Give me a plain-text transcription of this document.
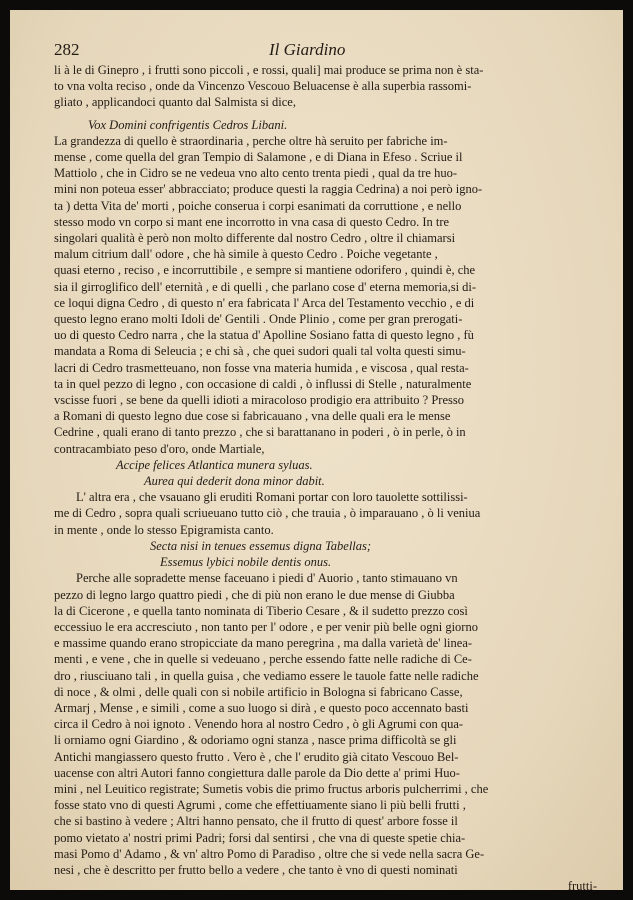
282	Il Giardino
li à le di Ginepro , i frutti sono piccoli , e rossi, quali] mai produce se prima non è sta-
to vna volta reciso , onde da Vincenzo Vescouo Beluacense è alla superbia rassomi-
gliato , applicandoci quanto dal Salmista si dice,
Vox Domini confrigentis Cedros Libani.
La grandezza di quello è straordinaria , perche oltre hà seruito per fabriche im-
mense , come quella del gran Tempio di Salamone , e di Diana in Efeso . Scriue il
Mattiolo , che in Cidro se ne vedeua vno alto cento trenta piedi , qual da tre huo-
mini non poteua esser' abbracciato; produce questi la raggia Cedrina) a noi però igno-
ta ) detta Vita de' morti , poiche conserua i corpi esanimati da corruttione , e nello
stesso modo vn corpo si mant ene incorrotto in vna casa di questo Cedro. In tre
singolari qualità è però non molto differente dal nostro Cedro , oltre il chiamarsi
malum citrium dall' odore , che hà simile à questo Cedro . Poiche vegetante ,
quasi eterno , reciso , e incorruttibile , e sempre si mantiene odorifero , quindi è, che
sia il girroglifico dell' eternità , e di quelli , che parlano cose d' eterna memoria,si di-
ce loqui digna Cedro , di questo n' era fabricata l' Arca del Testamento vecchio , e di
questo legno erano molti Idoli de' Gentili . Onde Plinio , come per gran prerogati-
uo di questo Cedro narra , che la statua d' Apolline Sosiano fatta di questo legno , fù
mandata a Roma di Seleucia ; e chi sà , che quei sudori quali tal volta questi simu-
lacri di Cedro trasmetteuano, non fosse vna materia humida , e viscosa , qual resta-
ta in quel pezzo di legno , con occasione di caldi , ò influssi di Stelle , naturalmente
vscisse fuori , se bene da quelli idioti a miracoloso prodigio era attribuito ? Presso
a Romani di questo legno due cose si fabricauano , vna delle quali era le mense
Cedrine , quali erano di tanto prezzo , che si barattanano in poderi , ò in perle, ò in
contracambiato peso d'oro, onde Martiale,
Accipe felices Atlantica munera syluas.
Aurea qui dederit dona minor dabit.
L' altra era , che vsauano gli eruditi Romani portar con loro tauolette sottilissi-
me di Cedro , sopra quali scriueuano tutto ciò , che trauia , ò imparauano , ò li veniua
in mente , onde lo stesso Epigramista canto.
Secta nisi in tenues essemus digna Tabellas;
Essemus lybici nobile dentis onus.
Perche alle sopradette mense faceuano i piedi d' Auorio , tanto stimauano vn
pezzo di legno largo quattro piedi , che di più non erano le due mense di Giubba
la di Cicerone , e quella tanto nominata di Tiberio Cesare , & il sudetto prezzo così
eccessiuo le era accresciuto , non tanto per l' odore , e per venir più belle ogni giorno
e massime quando erano stropicciate da mano peregrina , ma dalla varietà de' linea-
menti , e vene , che in quelle si vedeuano , perche essendo fatte nelle radiche di Ce-
dro , riusciuano tali , in quella guisa , che vediamo essere le tauole fatte nelle radiche
di noce , & olmi , delle quali con si nobile artificio in Bologna si fabricano Casse,
Armarj , Mense , e simili , come a suo luogo si dirà , e questo poco accennato basti
circa il Cedro à noi ignoto . Venendo hora al nostro Cedro , ò gli Agrumi con qua-
li orniamo ogni Giardino , & odoriamo ogni stanza , nasce prima difficoltà se gli
Antichi mangiassero questo frutto . Vero è , che l' erudito già citato Vescouo Bel-
uacense con altri Autori fanno congiettura dalle parole da Dio dette a' primi Huo-
mini , nel Leuitico registrate; Sumetis vobis die primo fructus arboris pulcherrimi , che
fosse stato vno di questi Agrumi , come che effettiuamente siano li più belli frutti ,
che si bastino à vedere ; Altri hanno pensato, che il frutto di quest' arbore fosse il
pomo vietato a' nostri primi Padri; forsi dal sentirsi , che vna di queste spetie chia-
masi Pomo d' Adamo , & vn' altro Pomo di Paradiso , oltre che si vede nella sacra Ge-
nesi , che è descritto per frutto bello a vedere , che tanto è vno di questi nominati
frutti-
